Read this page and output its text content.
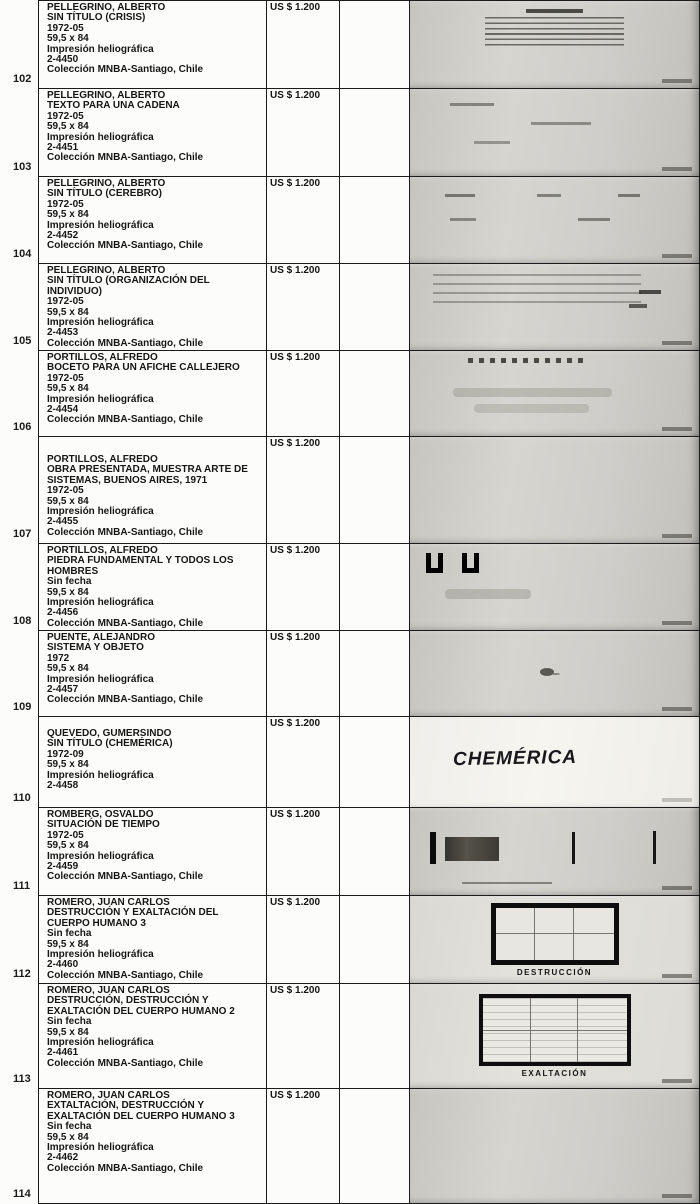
102
PELLEGRINO, ALBERTO
SIN TÍTULO (CRISIS)
1972-05
59,5 x 84
Impresión heliográfica
2-4450
Colección MNBA-Santiago, Chile
US $ 1.200
103
PELLEGRINO, ALBERTO
TEXTO PARA UNA CADENA
1972-05
59,5 x 84
Impresión heliográfica
2-4451
Colección MNBA-Santiago, Chile
US $ 1.200
104
PELLEGRINO, ALBERTO
SIN TÍTULO (CEREBRO)
1972-05
59,5 x 84
Impresión heliográfica
2-4452
Colección MNBA-Santiago, Chile
US $ 1.200
105
PELLEGRINO, ALBERTO
SIN TÍTULO (ORGANIZACIÓN DEL INDIVIDUO)
1972-05
59,5 x 84
Impresión heliográfica
2-4453
Colección MNBA-Santiago, Chile
US $ 1.200
106
PORTILLOS, ALFREDO
BOCETO PARA UN AFICHE CALLEJERO
1972-05
59,5 x 84
Impresión heliográfica
2-4454
Colección MNBA-Santiago, Chile
US $ 1.200
107
PORTILLOS, ALFREDO
OBRA PRESENTADA, MUESTRA ARTE DE SISTEMAS, BUENOS AIRES, 1971
1972-05
59,5 x 84
Impresión heliográfica
2-4455
Colección MNBA-Santiago, Chile
US $ 1.200
108
PORTILLOS, ALFREDO
PIEDRA FUNDAMENTAL Y TODOS LOS HOMBRES
Sin fecha
59,5 x 84
Impresión heliográfica
2-4456
Colección MNBA-Santiago, Chile
US $ 1.200
109
PUENTE, ALEJANDRO
SISTEMA Y OBJETO
1972
59,5 x 84
Impresión heliográfica
2-4457
Colección MNBA-Santiago, Chile
US $ 1.200
110
QUEVEDO, GUMERSINDO
SIN TÍTULO (CHEMÉRICA)
1972-09
59,5 x 84
Impresión heliográfica
2-4458
US $ 1.200
CHEMÉRICA
111
ROMBERG, OSVALDO
SITUACIÓN DE TIEMPO
1972-05
59,5 x 84
Impresión heliográfica
2-4459
Colección MNBA-Santiago, Chile
US $ 1.200
112
ROMERO, JUAN CARLOS
DESTRUCCIÓN Y EXALTACIÓN DEL CUERPO HUMANO 3
Sin fecha
59,5 x 84
Impresión heliográfica
2-4460
Colección MNBA-Santiago, Chile
US $ 1.200
DESTRUCCIÓN
113
ROMERO, JUAN CARLOS
DESTRUCCIÓN, DESTRUCCIÓN Y EXALTACIÓN DEL CUERPO HUMANO 2
Sin fecha
59,5 x 84
Impresión heliográfica
2-4461
Colección MNBA-Santiago, Chile
US $ 1.200
EXALTACIÓN
114
ROMERO, JUAN CARLOS
EXTALTACIÓN, DESTRUCCIÓN Y EXALTACIÓN DEL CUERPO HUMANO 3
Sin fecha
59,5 x 84
Impresión heliográfica
2-4462
Colección MNBA-Santiago, Chile
US $ 1.200
